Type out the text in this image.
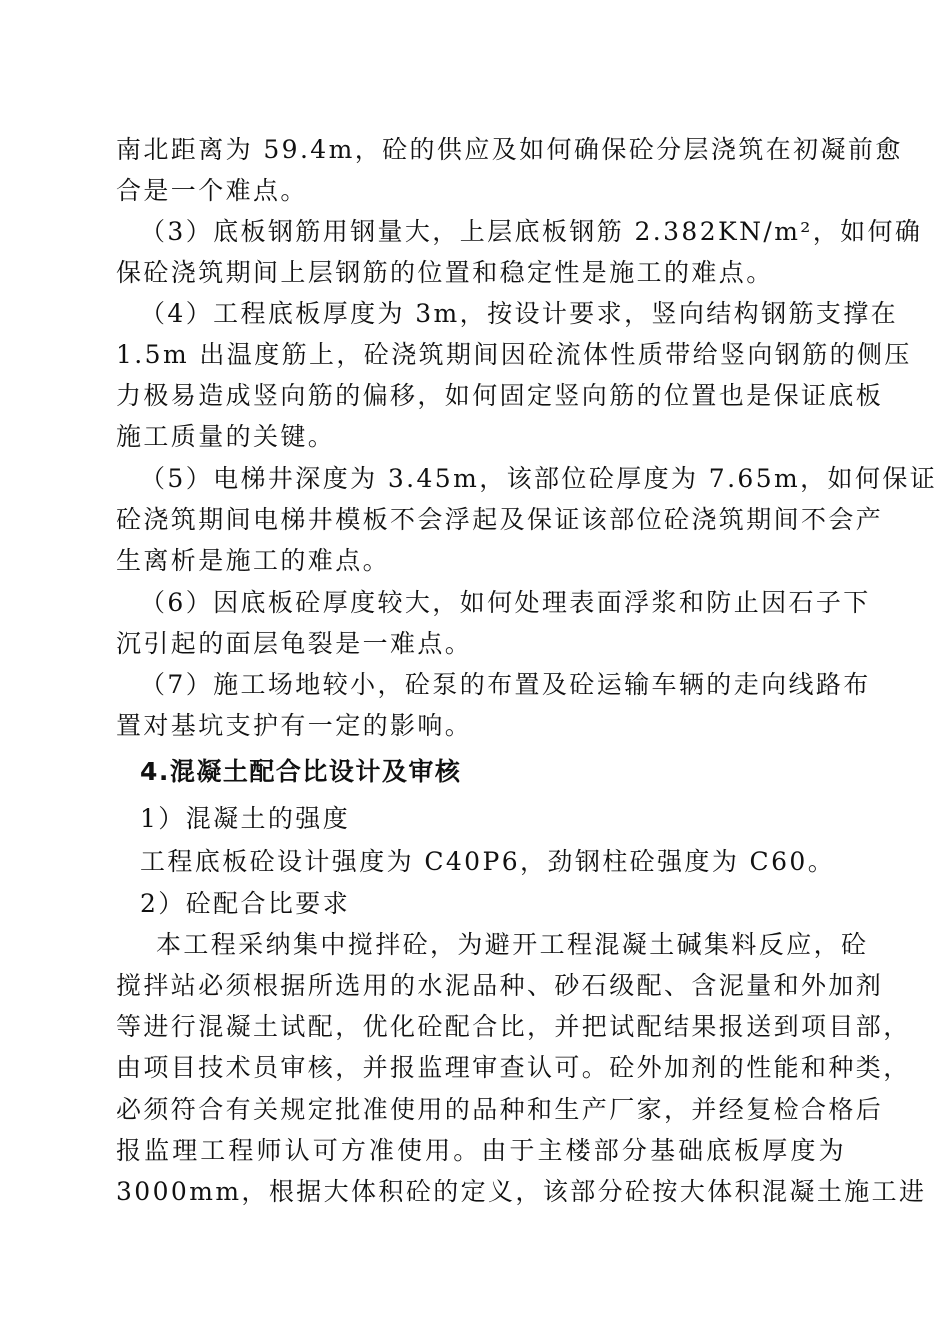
南北距离为 59.4m，砼的供应及如何确保砼分层浇筑在初凝前愈
合是一个难点。
（3）底板钢筋用钢量大，上层底板钢筋 2.382KN/m²，如何确
保砼浇筑期间上层钢筋的位置和稳定性是施工的难点。
（4）工程底板厚度为 3m，按设计要求，竖向结构钢筋支撑在
1.5m 出温度筋上，砼浇筑期间因砼流体性质带给竖向钢筋的侧压
力极易造成竖向筋的偏移，如何固定竖向筋的位置也是保证底板
施工质量的关键。
（5）电梯井深度为 3.45m，该部位砼厚度为 7.65m，如何保证
砼浇筑期间电梯井模板不会浮起及保证该部位砼浇筑期间不会产
生离析是施工的难点。
（6）因底板砼厚度较大，如何处理表面浮浆和防止因石子下
沉引起的面层龟裂是一难点。
（7）施工场地较小，砼泵的布置及砼运输车辆的走向线路布
置对基坑支护有一定的影响。
4.混凝土配合比设计及审核
1）混凝土的强度
工程底板砼设计强度为 C40P6，劲钢柱砼强度为 C60。
2）砼配合比要求
本工程采纳集中搅拌砼，为避开工程混凝土碱集料反应，砼
搅拌站必须根据所选用的水泥品种、砂石级配、含泥量和外加剂
等进行混凝土试配，优化砼配合比，并把试配结果报送到项目部，
由项目技术员审核，并报监理审查认可。砼外加剂的性能和种类，
必须符合有关规定批准使用的品种和生产厂家，并经复检合格后
报监理工程师认可方准使用。由于主楼部分基础底板厚度为
3000mm，根据大体积砼的定义，该部分砼按大体积混凝土施工进
